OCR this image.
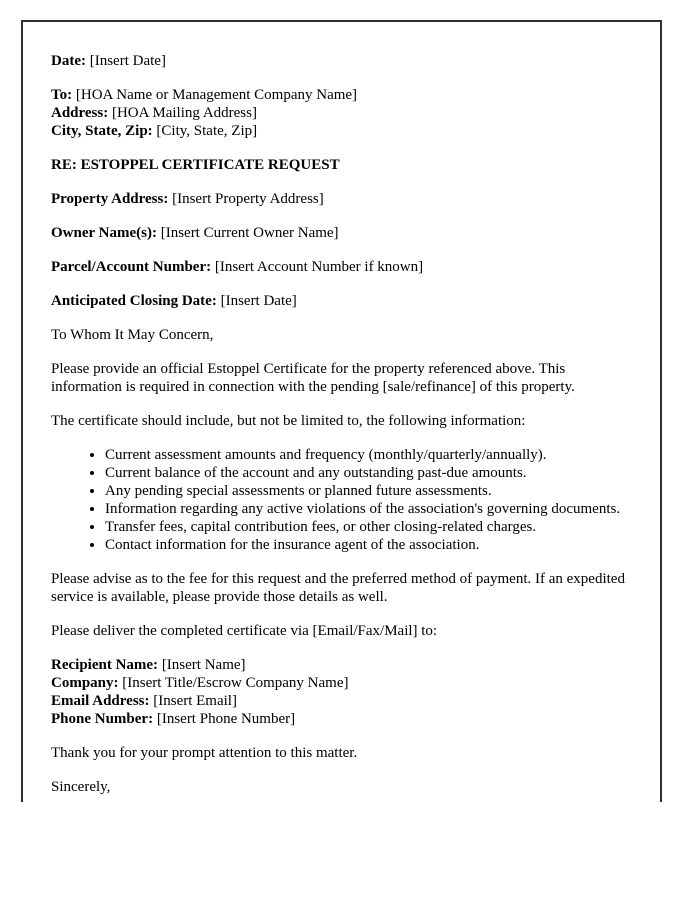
Date: [Insert Date]

To: [HOA Name or Management Company Name]

Address: [HOA Mailing Address]

City, State, Zip: [City, State, Zip]

RE: ESTOPPEL CERTIFICATE REQUEST

Property Address: [Insert Property Address]

Owner Name(s): [Insert Current Owner Name]

Parcel/Account Number: [Insert Account Number if known]

Anticipated Closing Date: [Insert Date]

To Whom It May Concern,

Please provide an official Estoppel Certificate for the property referenced above. This information is required in connection with the pending [sale/refinance] of this property.

The certificate should include, but not be limited to, the following information:

• Current assessment amounts and frequency (monthly/quarterly/annually).
• Current balance of the account and any outstanding past-due amounts.
• Any pending special assessments or planned future assessments.
• Information regarding any active violations of the association's governing documents.
• Transfer fees, capital contribution fees, or other closing-related charges.
• Contact information for the insurance agent of the association.

Please advise as to the fee for this request and the preferred method of payment. If an expedited service is available, please provide those details as well.

Please deliver the completed certificate via [Email/Fax/Mail] to:

Recipient Name: [Insert Name]

Company: [Insert Title/Escrow Company Name]

Email Address: [Insert Email]

Phone Number: [Insert Phone Number]

Thank you for your prompt attention to this matter.

Sincerely,
